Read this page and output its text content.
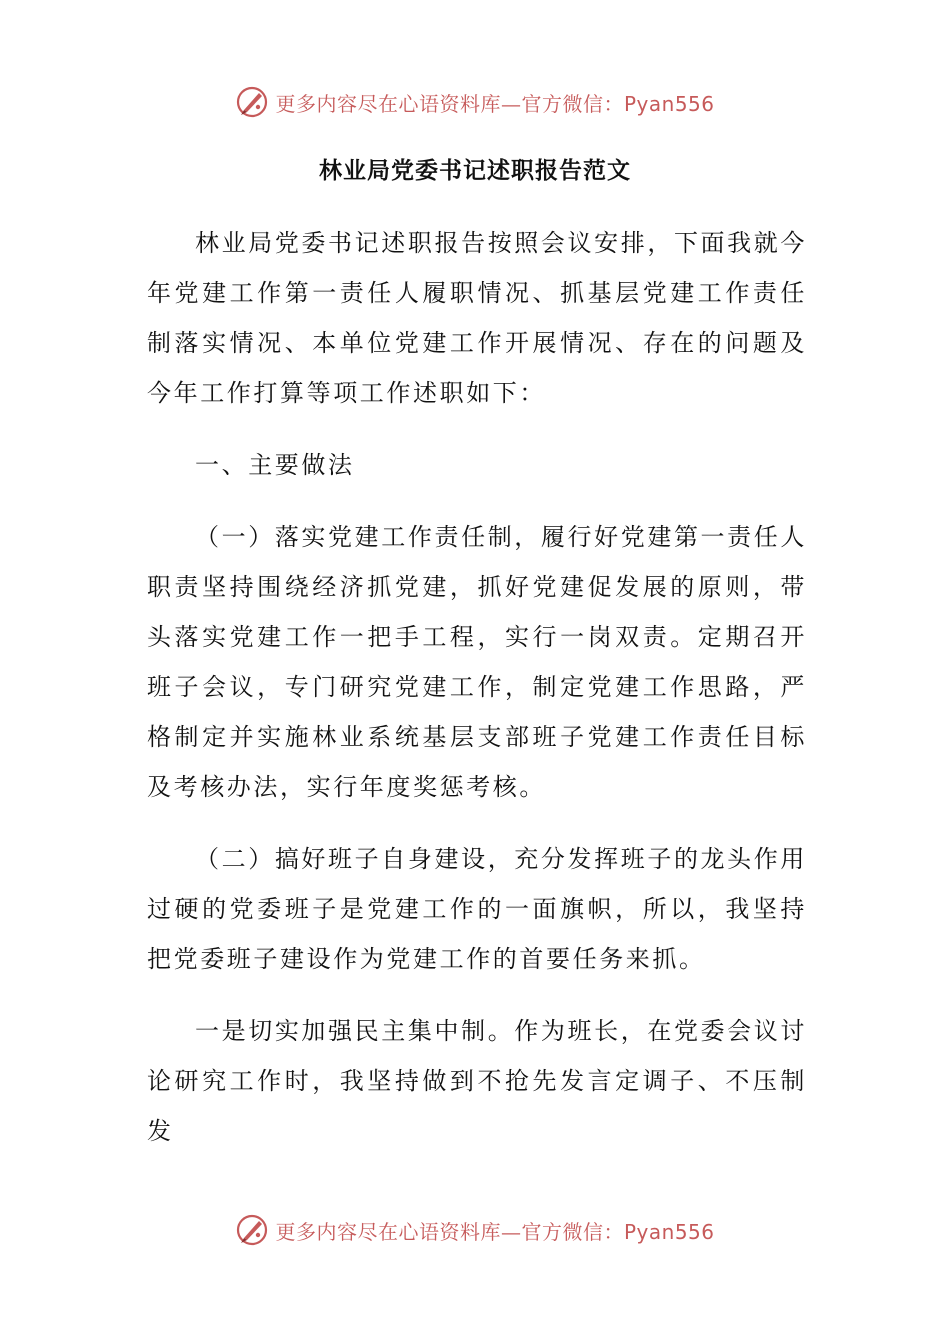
更多内容尽在心语资料库—官方微信：Pyan556
林业局党委书记述职报告范文

林业局党委书记述职报告按照会议安排，下面我就今年党建工作第一责任人履职情况、抓基层党建工作责任制落实情况、本单位党建工作开展情况、存在的问题及今年工作打算等项工作述职如下：

一、主要做法

（一）落实党建工作责任制，履行好党建第一责任人职责坚持围绕经济抓党建，抓好党建促发展的原则，带头落实党建工作一把手工程，实行一岗双责。定期召开班子会议，专门研究党建工作，制定党建工作思路，严格制定并实施林业系统基层支部班子党建工作责任目标及考核办法，实行年度奖惩考核。

（二）搞好班子自身建设，充分发挥班子的龙头作用过硬的党委班子是党建工作的一面旗帜，所以，我坚持把党委班子建设作为党建工作的首要任务来抓。

一是切实加强民主集中制。作为班长，在党委会议讨论研究工作时，我坚持做到不抢先发言定调子、不压制发

更多内容尽在心语资料库—官方微信：Pyan556
